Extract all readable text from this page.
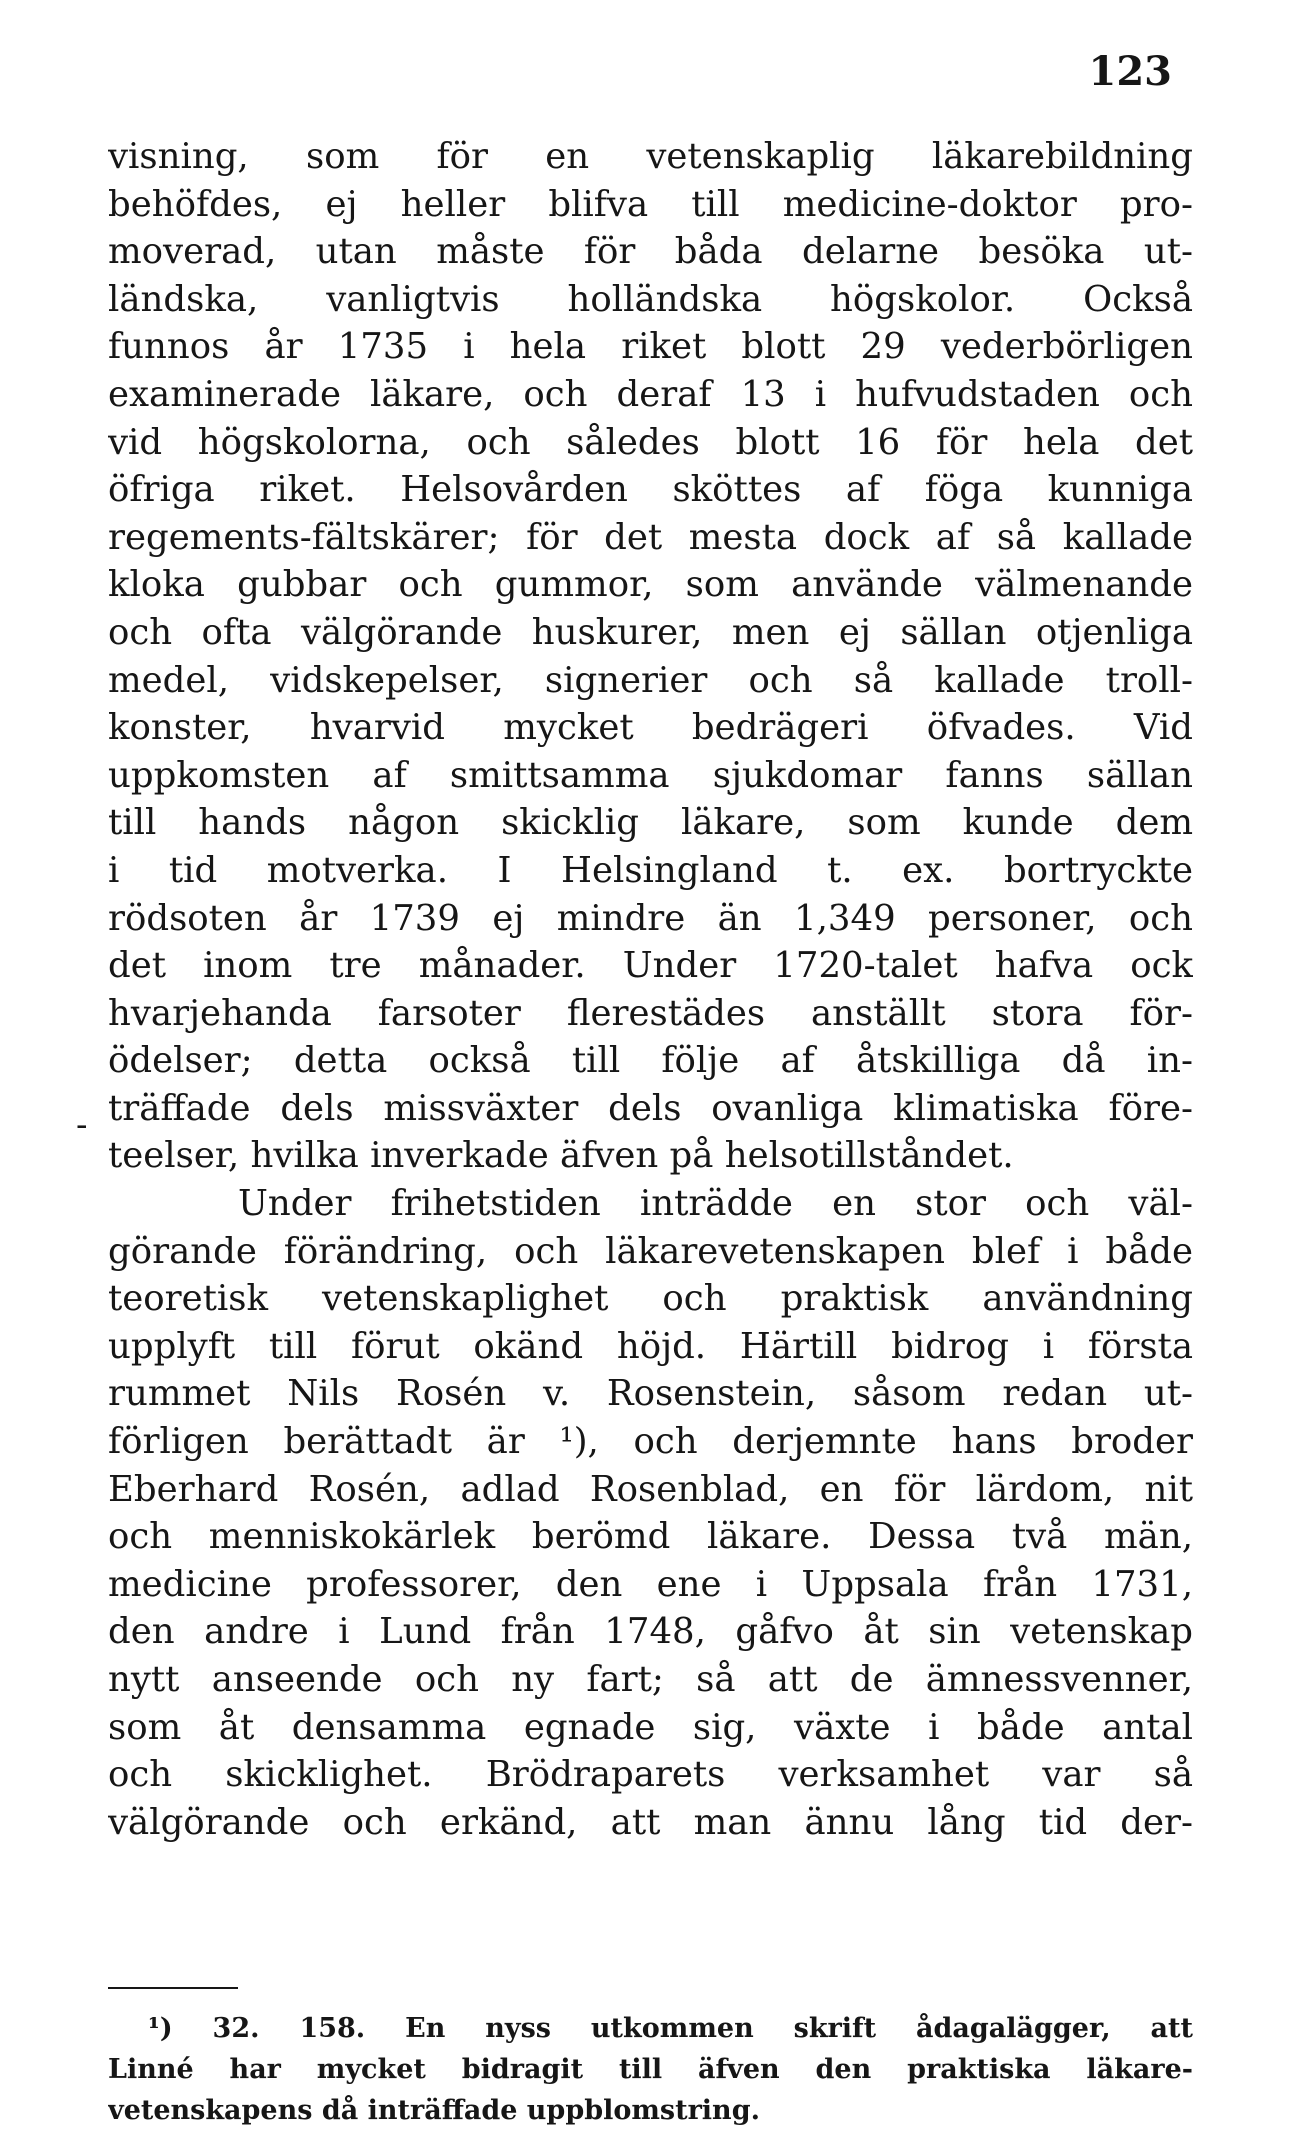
123
-
visning, som för en vetenskaplig läkarebildning
behöfdes, ej heller blifva till medicine-doktor pro-
moverad, utan måste för båda delarne besöka ut-
ländska, vanligtvis holländska högskolor. Också
funnos år 1735 i hela riket blott 29 vederbörligen
examinerade läkare, och deraf 13 i hufvudstaden och
vid högskolorna, och således blott 16 för hela det
öfriga riket. Helsovården sköttes af föga kunniga
regements-fältskärer; för det mesta dock af så kallade
kloka gubbar och gummor, som använde välmenande
och ofta välgörande huskurer, men ej sällan otjenliga
medel, vidskepelser, signerier och så kallade troll-
konster, hvarvid mycket bedrägeri öfvades. Vid
uppkomsten af smittsamma sjukdomar fanns sällan
till hands någon skicklig läkare, som kunde dem
i tid motverka. I Helsingland t. ex. bortryckte
rödsoten år 1739 ej mindre än 1,349 personer, och
det inom tre månader. Under 1720-talet hafva ock
hvarjehanda farsoter flerestädes anställt stora för-
ödelser; detta också till följe af åtskilliga då in-
träffade dels missväxter dels ovanliga klimatiska före-
teelser, hvilka inverkade äfven på helsotillståndet.
Under frihetstiden inträdde en stor och väl-
görande förändring, och läkarevetenskapen blef i både
teoretisk vetenskaplighet och praktisk användning
upplyft till förut okänd höjd. Härtill bidrog i första
rummet Nils Rosén v. Rosenstein, såsom redan ut-
förligen berättadt är ¹), och derjemnte hans broder
Eberhard Rosén, adlad Rosenblad, en för lärdom, nit
och menniskokärlek berömd läkare. Dessa två män,
medicine professorer, den ene i Uppsala från 1731,
den andre i Lund från 1748, gåfvo åt sin vetenskap
nytt anseende och ny fart; så att de ämnessvenner,
som åt densamma egnade sig, växte i både antal
och skicklighet. Brödraparets verksamhet var så
välgörande och erkänd, att man ännu lång tid der-
¹) 32. 158. En nyss utkommen skrift ådagalägger, att
Linné har mycket bidragit till äfven den praktiska läkare-
vetenskapens då inträffade uppblomstring.
